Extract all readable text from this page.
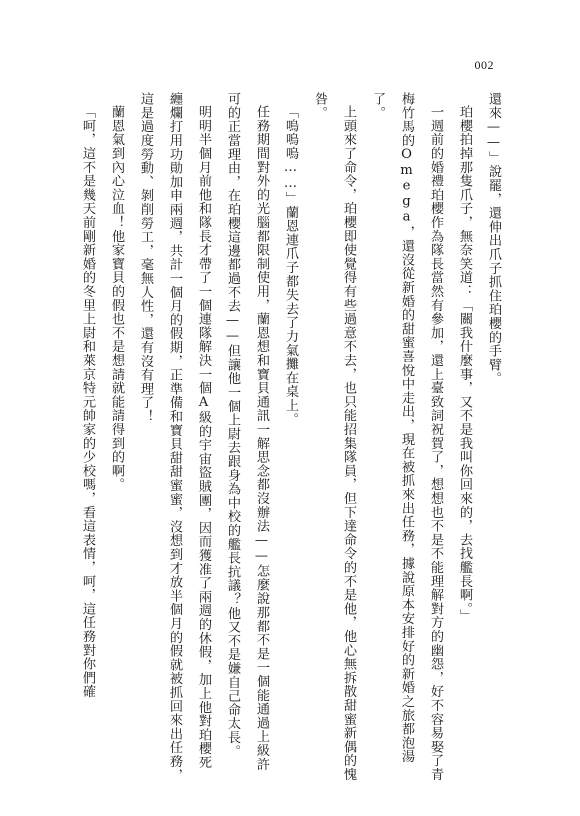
002

還來——」說罷，還伸出爪子抓住珀櫻的手臂。

珀櫻拍掉那隻爪子，無奈笑道：「關我什麼事，又不是我叫你回來的，去找艦長啊。」

一週前的婚禮珀櫻作為隊長當然有參加，還上臺致詞祝賀了，想想也不是不能理解對方的幽怨，好不容易娶了青梅竹馬的Omega，還沒從新婚的甜蜜喜悅中走出，現在被抓來出任務，據說原本安排好的新婚之旅都泡湯了。

上頭來了命令，珀櫻即使覺得有些過意不去，也只能招集隊員，但下達命令的不是他，他心無拆散甜蜜新偶的愧咎。

「嗚嗚嗚……」蘭恩連爪子都失去了力氣攤在桌上。

任務期間對外的光腦都限制使用，蘭恩想和寶貝通訊一解思念都沒辦法——怎麼說那都不是一個能通過上級許可的正當理由，在珀櫻這邊都過不去——但讓他一個上尉去跟身為中校的艦長抗議？他又不是嫌自己命太長。

明明半個月前他和隊長才帶了一個連隊解決一個A級的宇宙盜賊團，因而獲准了兩週的休假，加上他對珀櫻死纏爛打用功勛加申兩週，共計一個月的假期，正準備和寶貝甜甜蜜蜜，沒想到才放半個月的假就被抓回來出任務，這是過度勞動、剝削勞工，毫無人性，還有沒有理了！

蘭恩氣到內心泣血！他家寶貝的假也不是想請就能請得到的啊。

「呵，這不是幾天前剛新婚的冬里上尉和萊京特元帥家的少校嗎，看這表情，呵，這任務對你們確
